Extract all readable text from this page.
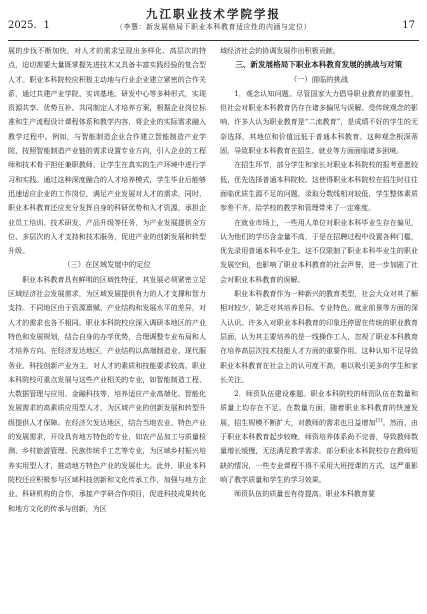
2025．1
九江职业技术学院学报
（李慧：新发展格局下职业本科教育适应性的内涵与定位）	17

展的步伐不断加快，对人才的需求呈现出多样化、高层次的特点，迫切需要大量既掌握先进技术又具备丰富实践经验的复合型人才。职业本科院校应积极主动地与行业企业建立紧密的合作关系，通过共建产业学院、实训基地、研发中心等多种形式，实现资源共享、优势互补。共同制定人才培养方案，根据企业岗位标准和生产流程设计课程体系和教学内容，将企业的实际需求融入教学过程中。例如，与智能制造企业合作建立智能制造产业学院，按照智能制造产业链的需求设置专业方向，引入企业的工程师和技术骨干担任兼职教师，让学生在真实的生产环境中进行学习和实践。通过这种深度融合的人才培养模式，学生毕业后能够迅速适应企业的工作岗位，满足产业发展对人才的需求，同时，职业本科教育还应充分发挥自身的科研优势和人才资源，承担企业员工培训、技术研发、产品升级等任务，为产业发展提供全方位、多层次的人才支持和技术服务，促进产业的创新发展和转型升级。

（三）在区域发展中的定位

职业本科教育具有鲜明的区域性特征，其发展必须紧密立足区域经济社会发展需求，为区域发展提供有力的人才支撑和智力支持。不同地区由于资源禀赋、产业结构和发展水平的差异，对人才的需求也各不相同。职业本科院校应深入调研本地区的产业特色和发展规划，结合自身的办学优势，合理调整专业布局和人才培养方向。在经济发达地区，产业结构以高端制造业、现代服务业、科技创新产业为主，对人才的素质和技能要求较高。职业本科院校可重点发展与这些产业相关的专业，如智能制造工程、大数据管理与应用、金融科技等，培养适应产业高端化、智能化发展需求的高素质应用型人才，为区域产业的创新发展和转型升级提供人才保障。在经济欠发达地区，结合当地农业、特色产业的发展需求，开设具有地方特色的专业，如农产品加工与质量检测、乡村旅游管理、民族传统手工艺等专业，为区域乡村振兴培养实用型人才，推动地方特色产业的发展壮大。此外，职业本科院校还应积极参与区域科技创新和文化传承工作，加强与地方企业、科研机构的合作，承接产学研合作项目，促进科技成果转化和地方文化的传承与创新，为区

域经济社会的协调发展作出积极贡献。

三、新发展格局下职业本科教育发展的挑战与对策

（一）面临的挑战

1．观念认知问题。尽管国家大力倡导职业教育的重要性，但社会对职业本科教育仍存在诸多偏见与误解。受传统观念的影响，许多人认为职业教育是“二流教育”，是成绩不好的学生的无奈选择，其地位和价值远低于普通本科教育。这种观念根深蒂固，导致职业本科教育在招生、就业等方面面临诸多困境。

在招生环节，部分学生和家长对职业本科院校的报考意愿较低，优先选择普通本科院校。这使得职业本科院校在招生时往往面临优质生源不足的问题，录取分数线相对较低，学生整体素质参差不齐，给学校的教学和管理带来了一定难度。

在就业市场上，一些用人单位对职业本科毕业生存在偏见，认为他们的学历含金量不高，于是在招聘过程中设置各种门槛，优先录用普通本科毕业生。这不仅限制了职业本科毕业生的职业发展空间，也影响了职业本科教育的社会声誉，进一步加剧了社会对职业本科教育的误解。

职业本科教育作为一种新兴的教育类型，社会大众对其了解相对较少，缺乏对其培养目标、专业特色、就业前景等方面的深入认识。许多人对职业本科教育的印象还停留在传统的职业教育层面，认为其主要培养的是一线操作工人，忽视了职业本科教育在培养高层次技术技能人才方面的重要作用。这种认知不足导致职业本科教育在社会上的认可度不高，难以吸引更多的学生和家长关注。

2．师资队伍建设难题。职业本科院校的师资队伍在数量和质量上均存在不足。在数量方面，随着职业本科教育的快速发展，招生规模不断扩大，对教师的需求也日益增加[1]。然而，由于职业本科教育起步较晚，师资培养体系尚不完善，导致教师数量增长缓慢，无法满足教学需求。部分职业本科院校存在教师短缺的情况，一些专业课程不得不采用大班授课的方式，这严重影响了教学质量和学生的学习效果。

师资队伍的质量也有待提高。职业本科教育要
